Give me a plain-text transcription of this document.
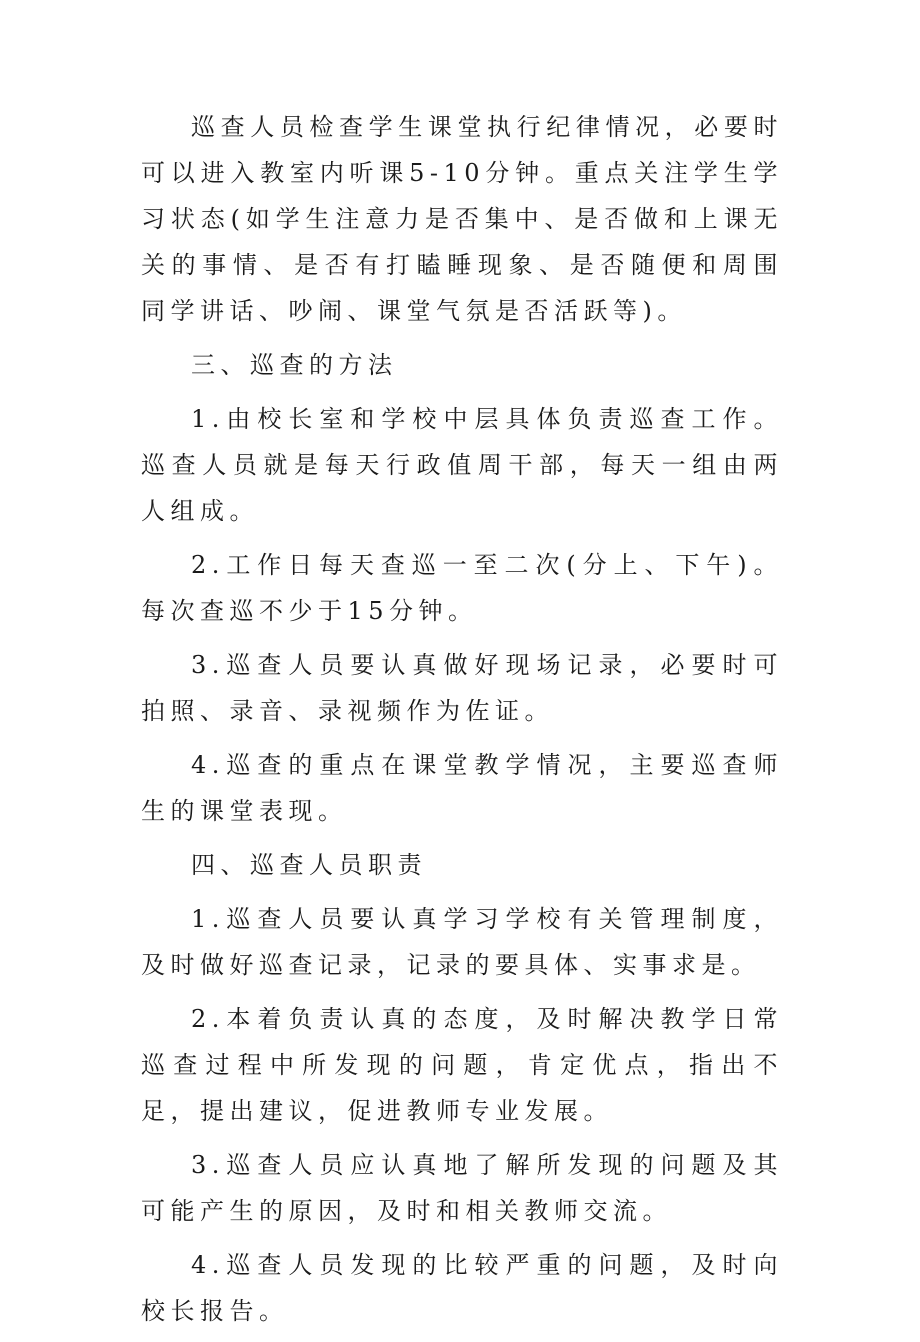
巡查人员检查学生课堂执行纪律情况，必要时可以进入教室内听课5-10分钟。重点关注学生学习状态(如学生注意力是否集中、是否做和上课无关的事情、是否有打瞌睡现象、是否随便和周围同学讲话、吵闹、课堂气氛是否活跃等)。

三、巡查的方法

1.由校长室和学校中层具体负责巡查工作。巡查人员就是每天行政值周干部，每天一组由两人组成。

2.工作日每天查巡一至二次(分上、下午)。每次查巡不少于15分钟。

3.巡查人员要认真做好现场记录，必要时可拍照、录音、录视频作为佐证。

4.巡查的重点在课堂教学情况，主要巡查师生的课堂表现。

四、巡查人员职责

1.巡查人员要认真学习学校有关管理制度，及时做好巡查记录，记录的要具体、实事求是。

2.本着负责认真的态度，及时解决教学日常巡查过程中所发现的问题，肯定优点，指出不足，提出建议，促进教师专业发展。

3.巡查人员应认真地了解所发现的问题及其可能产生的原因，及时和相关教师交流。

4.巡查人员发现的比较严重的问题，及时向校长报告。
